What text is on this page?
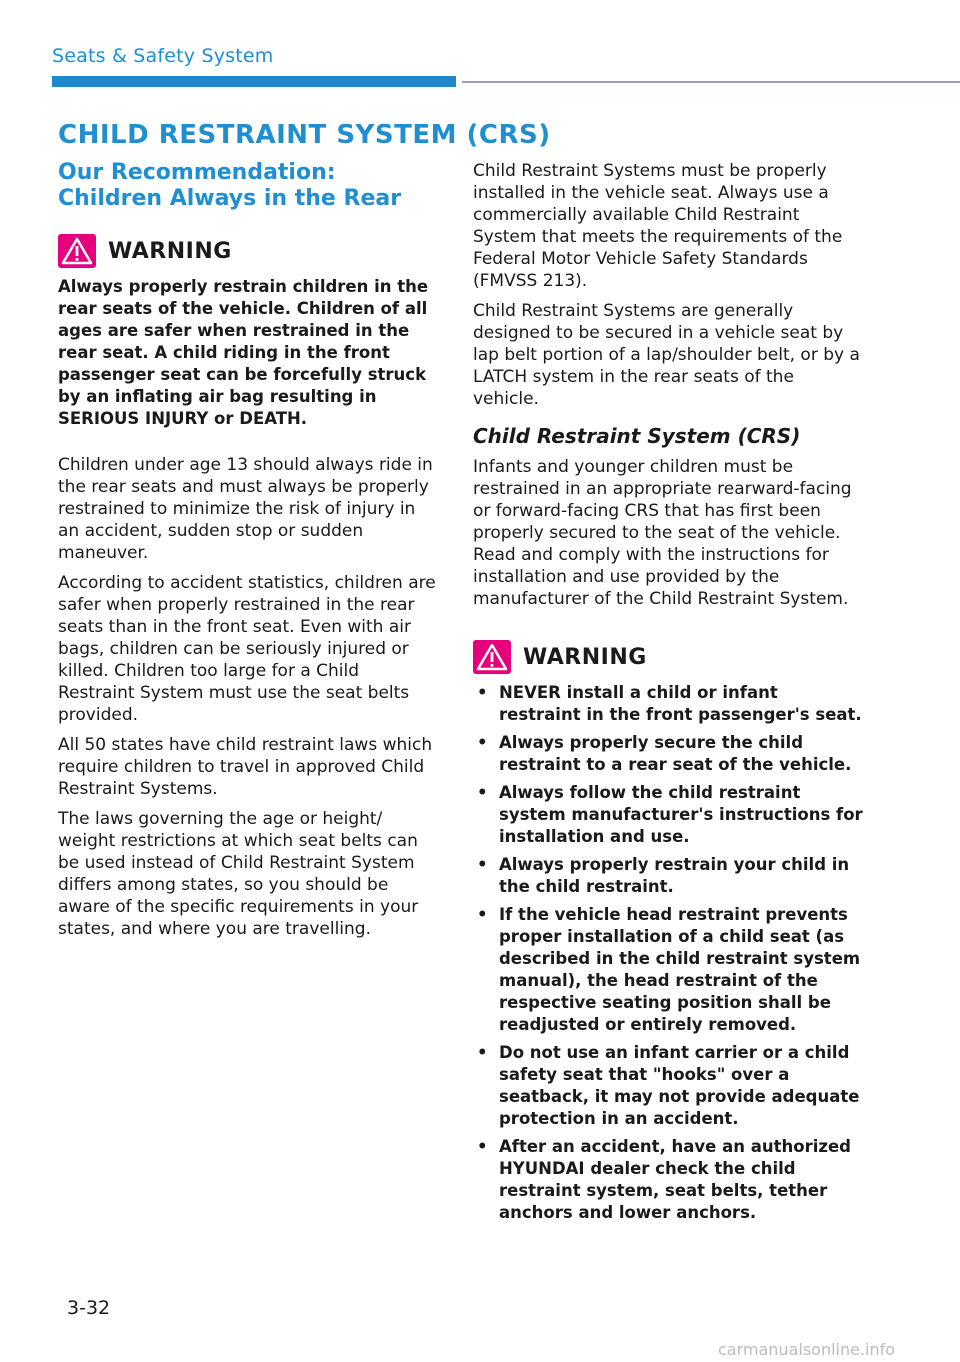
Seats & Safety System
CHILD RESTRAINT SYSTEM (CRS)
Our Recommendation: Children Always in the Rear
WARNING

Always properly restrain children in the rear seats of the vehicle. Children of all ages are safer when restrained in the rear seat. A child riding in the front passenger seat can be forcefully struck by an inflating air bag resulting in SERIOUS INJURY or DEATH.

Children under age 13 should always ride in the rear seats and must always be properly restrained to minimize the risk of injury in an accident, sudden stop or sudden maneuver.

According to accident statistics, children are safer when properly restrained in the rear seats than in the front seat. Even with air bags, children can be seriously injured or killed. Children too large for a Child Restraint System must use the seat belts provided.

All 50 states have child restraint laws which require children to travel in approved Child Restraint Systems.

The laws governing the age or height/ weight restrictions at which seat belts can be used instead of Child Restraint System differs among states, so you should be aware of the specific requirements in your states, and where you are travelling.

Child Restraint Systems must be properly installed in the vehicle seat. Always use a commercially available Child Restraint System that meets the requirements of the Federal Motor Vehicle Safety Standards (FMVSS 213).

Child Restraint Systems are generally designed to be secured in a vehicle seat by lap belt portion of a lap/shoulder belt, or by a LATCH system in the rear seats of the vehicle.

Child Restraint System (CRS)

Infants and younger children must be restrained in an appropriate rearward-facing or forward-facing CRS that has first been properly secured to the seat of the vehicle. Read and comply with the instructions for installation and use provided by the manufacturer of the Child Restraint System.

WARNING
• NEVER install a child or infant restraint in the front passenger's seat.
• Always properly secure the child restraint to a rear seat of the vehicle.
• Always follow the child restraint system manufacturer's instructions for installation and use.
• Always properly restrain your child in the child restraint.
• If the vehicle head restraint prevents proper installation of a child seat (as described in the child restraint system manual), the head restraint of the respective seating position shall be readjusted or entirely removed.
• Do not use an infant carrier or a child safety seat that "hooks" over a seatback, it may not provide adequate protection in an accident.
• After an accident, have an authorized HYUNDAI dealer check the child restraint system, seat belts, tether anchors and lower anchors.
3-32
carmanualsonline.info
